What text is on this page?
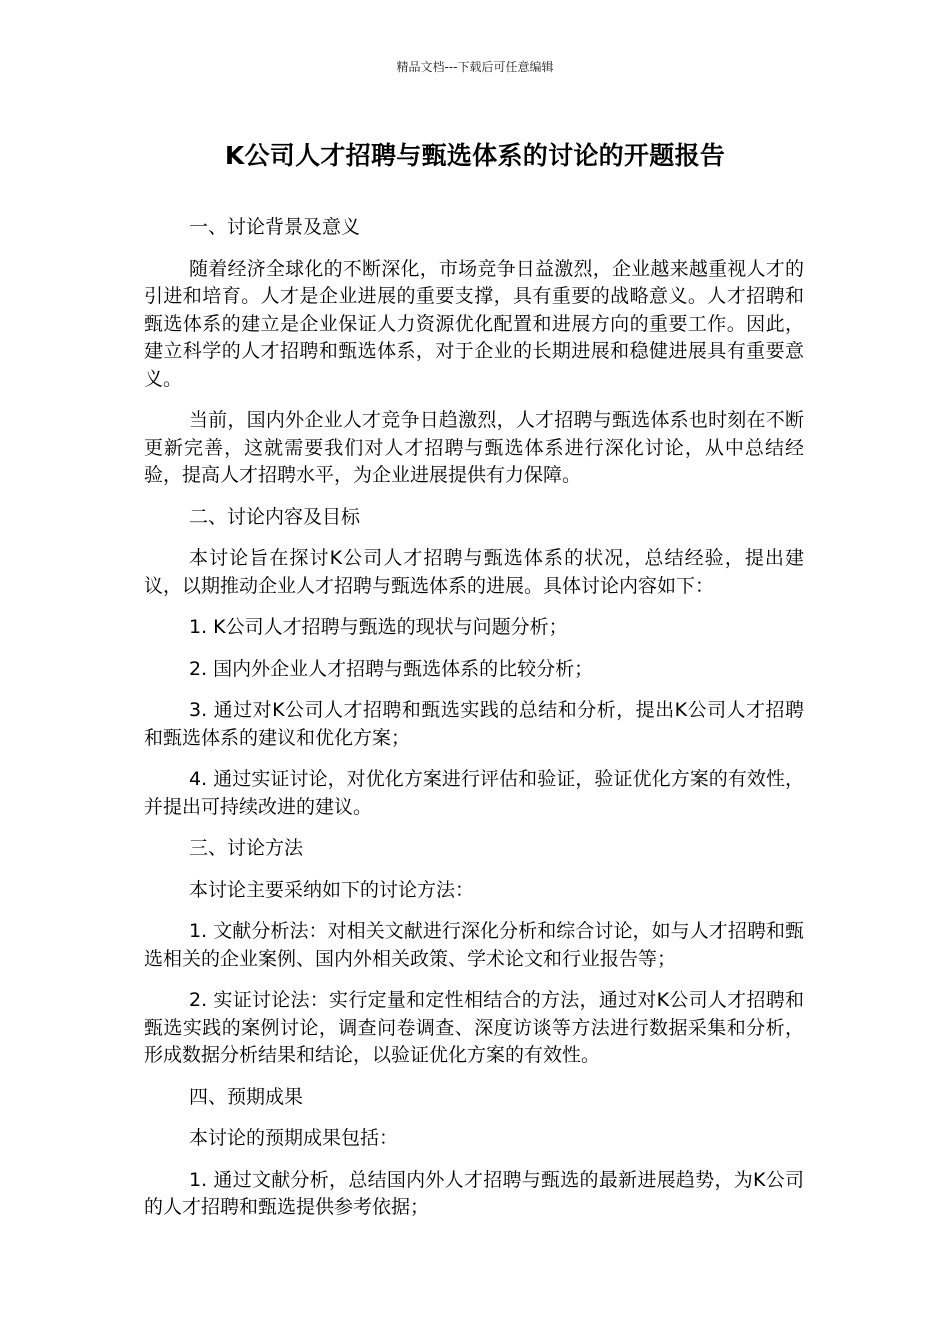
精品文档---下载后可任意编辑
K公司人才招聘与甄选体系的讨论的开题报告

一、讨论背景及意义

随着经济全球化的不断深化，市场竞争日益激烈，企业越来越重视人才的引进和培育。人才是企业进展的重要支撑，具有重要的战略意义。人才招聘和甄选体系的建立是企业保证人力资源优化配置和进展方向的重要工作。因此，建立科学的人才招聘和甄选体系，对于企业的长期进展和稳健进展具有重要意义。

当前，国内外企业人才竞争日趋激烈，人才招聘与甄选体系也时刻在不断更新完善，这就需要我们对人才招聘与甄选体系进行深化讨论，从中总结经验，提高人才招聘水平，为企业进展提供有力保障。

二、讨论内容及目标

本讨论旨在探讨K公司人才招聘与甄选体系的状况，总结经验，提出建议，以期推动企业人才招聘与甄选体系的进展。具体讨论内容如下：

1. K公司人才招聘与甄选的现状与问题分析；

2. 国内外企业人才招聘与甄选体系的比较分析；

3. 通过对K公司人才招聘和甄选实践的总结和分析，提出K公司人才招聘和甄选体系的建议和优化方案；

4. 通过实证讨论，对优化方案进行评估和验证，验证优化方案的有效性，并提出可持续改进的建议。

三、讨论方法

本讨论主要采纳如下的讨论方法：

1. 文献分析法：对相关文献进行深化分析和综合讨论，如与人才招聘和甄选相关的企业案例、国内外相关政策、学术论文和行业报告等；

2. 实证讨论法：实行定量和定性相结合的方法，通过对K公司人才招聘和甄选实践的案例讨论，调查问卷调查、深度访谈等方法进行数据采集和分析，形成数据分析结果和结论，以验证优化方案的有效性。

四、预期成果

本讨论的预期成果包括：

1. 通过文献分析，总结国内外人才招聘与甄选的最新进展趋势，为K公司的人才招聘和甄选提供参考依据；
